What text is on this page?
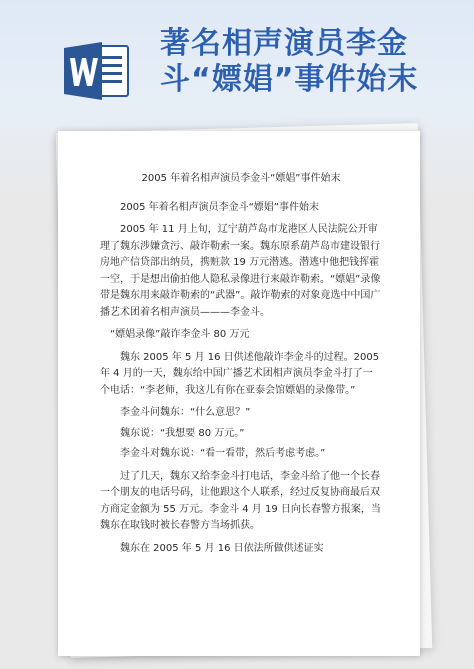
著名相声演员李金
斗“嫖娼”事件始末
2005 年着名相声演员李金斗“嫖娼”事件始末

2005 年着名相声演员李金斗“嫖娼”事件始末

2005 年 11 月上旬，辽宁葫芦岛市龙港区人民法院公开审理了魏东涉嫌贪污、敲诈勒索一案。魏东原系葫芦岛市建设银行房地产信贷部出纳员，携赃款 19 万元潜逃。潜逃中他把钱挥霍一空，于是想出偷拍他人隐私录像进行来敲诈勒索。“嫖娼”录像带是魏东用来敲诈勒索的“武器”。敲诈勒索的对象竟选中中国广播艺术团着名相声演员———李金斗。

“嫖娼录像”敲诈李金斗 80 万元

魏东 2005 年 5 月 16 日供述他敲诈李金斗的过程。2005 年 4 月的一天，魏东给中国广播艺术团相声演员李金斗打了一个电话：“李老师，我这儿有你在亚泰会馆嫖娼的录像带。”

李金斗问魏东：“什么意思？”

魏东说：“我想要 80 万元。”

李金斗对魏东说：“看一看带，然后考虑考虑。”

过了几天，魏东又给李金斗打电话，李金斗给了他一个长春一个朋友的电话号码，让他跟这个人联系，经过反复协商最后双方商定金额为 55 万元。李金斗 4 月 19 日向长春警方报案，当魏东在取钱时被长春警方当场抓获。

魏东在 2005 年 5 月 16 日依法所做供述证实
